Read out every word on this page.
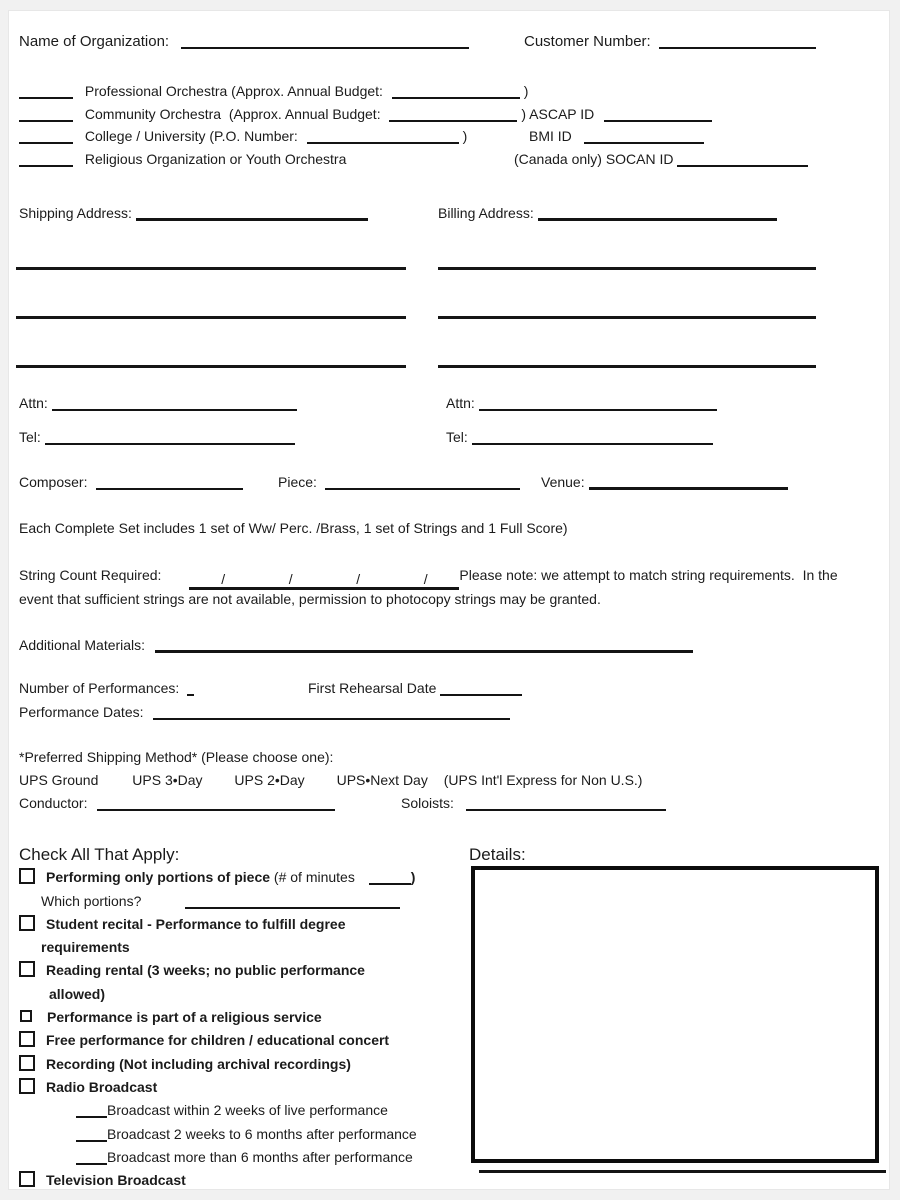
Name of Organization:	Customer Number:
Professional Orchestra (Approx. Annual Budget:	)
Community Orchestra  (Approx. Annual Budget:	) ASCAP ID
College / University (P.O. Number:	)	BMI ID
Religious Organization or Youth Orchestra	(Canada only) SOCAN ID
Shipping Address:	Billing Address:
Attn:	Attn:
Tel:	Tel:
Composer:	Piece:	Venue:
Each Complete Set includes 1 set of Ww/ Perc. /Brass, 1 set of Strings and 1 Full Score)
String Count Required:	/	/	/	/ Please note: we attempt to match string requirements.  In the
event that sufficient strings are not available, permission to photocopy strings may be granted.
Additional Materials:
Number of Performances:	First Rehearsal Date
Performance Dates:
*Preferred Shipping Method* (Please choose one):
UPS Ground UPS 3•Day UPS 2•Day UPS•Next Day (UPS Int'l Express for Non U.S.)
Conductor:	Soloists:
Check All That Apply:
Performing only portions of piece (# of minutes	)
Which portions?
Student recital - Performance to fulfill degree
requirements
Reading rental (3 weeks; no public performance
allowed)
Performance is part of a religious service
Free performance for children / educational concert
Recording (Not including archival recordings)
Radio Broadcast
Broadcast within 2 weeks of live performance
Broadcast 2 weeks to 6 months after performance
Broadcast more than 6 months after performance
Television Broadcast
Details:
